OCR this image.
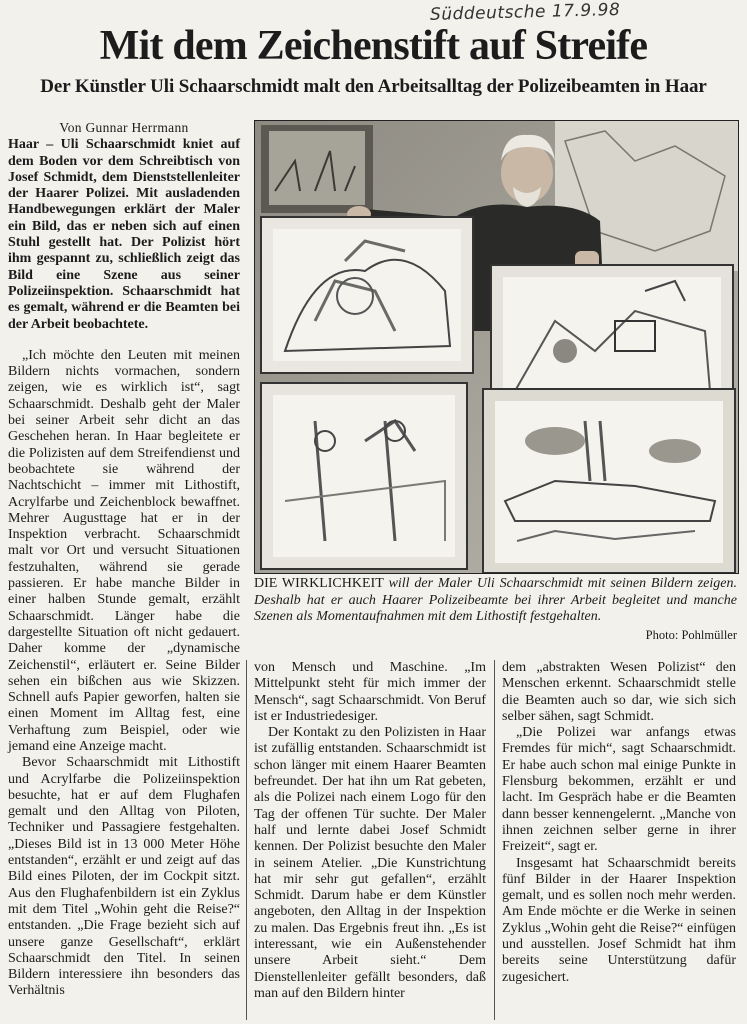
Süddeutsche 17.9.98
Mit dem Zeichenstift auf Streife
Der Künstler Uli Schaarschmidt malt den Arbeitsalltag der Polizeibeamten in Haar
Von Gunnar Herrmann

Haar – Uli Schaarschmidt kniet auf dem Boden vor dem Schreibtisch von Josef Schmidt, dem Dienststellenleiter der Haarer Polizei. Mit ausladenden Handbewegungen erklärt der Maler ein Bild, das er neben sich auf einen Stuhl gestellt hat. Der Polizist hört ihm gespannt zu, schließlich zeigt das Bild eine Szene aus seiner Polizeiinspektion. Schaarschmidt hat es gemalt, während er die Beamten bei der Arbeit beobachtete.

„Ich möchte den Leuten mit meinen Bildern nichts vormachen, sondern zeigen, wie es wirklich ist“, sagt Schaarschmidt. Deshalb geht der Maler bei seiner Arbeit sehr dicht an das Geschehen heran. In Haar begleitete er die Polizisten auf dem Streifendienst und beobachtete sie während der Nachtschicht – immer mit Lithostift, Acrylfarbe und Zeichenblock bewaffnet. Mehrer Augusttage hat er in der Inspektion verbracht. Schaarschmidt malt vor Ort und versucht Situationen festzuhalten, während sie gerade passieren. Er habe manche Bilder in einer halben Stunde gemalt, erzählt Schaarschmidt. Länger habe die dargestellte Situation oft nicht gedauert. Daher komme der „dynamische Zeichenstil“, erläutert er. Seine Bilder sehen ein bißchen aus wie Skizzen. Schnell aufs Papier geworfen, halten sie einen Moment im Alltag fest, eine Verhaftung zum Beispiel, oder wie jemand eine Anzeige macht.

Bevor Schaarschmidt mit Lithostift und Acrylfarbe die Polizeiinspektion besuchte, hat er auf dem Flughafen gemalt und den Alltag von Piloten, Techniker und Passagiere festgehalten. „Dieses Bild ist in 13 000 Meter Höhe entstanden“, erzählt er und zeigt auf das Bild eines Piloten, der im Cockpit sitzt. Aus den Flughafenbildern ist ein Zyklus mit dem Titel „Wohin geht die Reise?“ entstanden. „Die Frage bezieht sich auf unsere ganze Gesellschaft“, erklärt Schaarschmidt den Titel. In seinen Bildern interessiere ihn besonders das Verhältnis

DIE WIRKLICHKEIT will der Maler Uli Schaarschmidt mit seinen Bildern zeigen. Deshalb hat er auch Haarer Polizeibeamte bei ihrer Arbeit begleitet und manche Szenen als Momentaufnahmen mit dem Lithostift festgehalten.
Photo: Pohlmüller

von Mensch und Maschine. „Im Mittelpunkt steht für mich immer der Mensch“, sagt Schaarschmidt. Von Beruf ist er Industriedesiger.

Der Kontakt zu den Polizisten in Haar ist zufällig entstanden. Schaarschmidt ist schon länger mit einem Haarer Beamten befreundet. Der hat ihn um Rat gebeten, als die Polizei nach einem Logo für den Tag der offenen Tür suchte. Der Maler half und lernte dabei Josef Schmidt kennen. Der Polizist besuchte den Maler in seinem Atelier. „Die Kunstrichtung hat mir sehr gut gefallen“, erzählt Schmidt. Darum habe er dem Künstler angeboten, den Alltag in der Inspektion zu malen. Das Ergebnis freut ihn. „Es ist interessant, wie ein Außenstehender unsere Arbeit sieht.“ Dem Dienstellenleiter gefällt besonders, daß man auf den Bildern hinter

dem „abstrakten Wesen Polizist“ den Menschen erkennt. Schaarschmidt stelle die Beamten auch so dar, wie sich sich selber sähen, sagt Schmidt.

„Die Polizei war anfangs etwas Fremdes für mich“, sagt Schaarschmidt. Er habe auch schon mal einige Punkte in Flensburg bekommen, erzählt er und lacht. Im Gespräch habe er die Beamten dann besser kennengelernt. „Manche von ihnen zeichnen selber gerne in ihrer Freizeit“, sagt er.

Insgesamt hat Schaarschmidt bereits fünf Bilder in der Haarer Inspektion gemalt, und es sollen noch mehr werden. Am Ende möchte er die Werke in seinen Zyklus „Wohin geht die Reise?“ einfügen und ausstellen. Josef Schmidt hat ihm bereits seine Unterstützung dafür zugesichert.
